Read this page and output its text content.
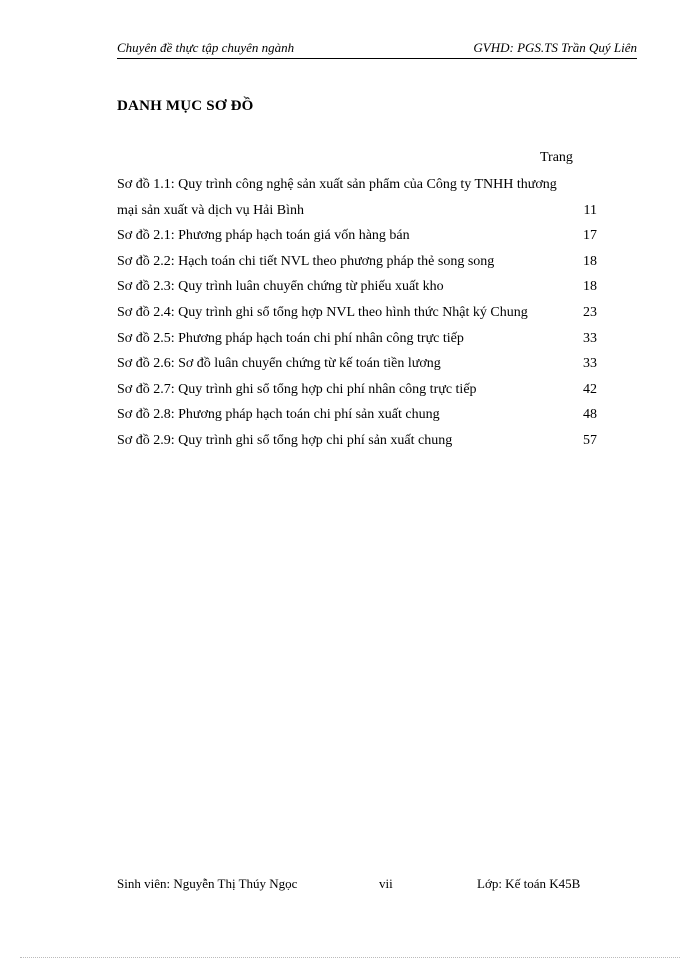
Chuyên đề thực tập chuyên ngành	GVHD: PGS.TS Trần Quý Liên
DANH MỤC SƠ ĐỒ
Trang
Sơ đồ 1.1: Quy trình công nghệ sản xuất sản phẩm của Công ty TNHH thương mại sản xuất và dịch vụ Hải Bình	11
Sơ đồ 2.1: Phương pháp hạch toán giá vốn hàng bán	17
Sơ đồ 2.2: Hạch toán chi tiết NVL theo phương pháp thẻ song song	18
Sơ đồ 2.3: Quy trình luân chuyển chứng từ phiếu xuất kho	18
Sơ đồ 2.4: Quy trình ghi sổ tổng hợp NVL theo hình thức Nhật ký Chung	23
Sơ đồ 2.5: Phương pháp hạch toán chi phí nhân công trực tiếp	33
Sơ đồ 2.6: Sơ đồ luân chuyển chứng từ kế toán tiền lương	33
Sơ đồ 2.7: Quy trình ghi sổ tổng hợp chi phí nhân công trực tiếp	42
Sơ đồ 2.8: Phương pháp hạch toán chi phí sản xuất chung	48
Sơ đồ 2.9: Quy trình ghi sổ tổng hợp chi phí sản xuất chung	57
Sinh viên: Nguyễn Thị Thúy Ngọc	vii	Lớp: Kế toán K45B
